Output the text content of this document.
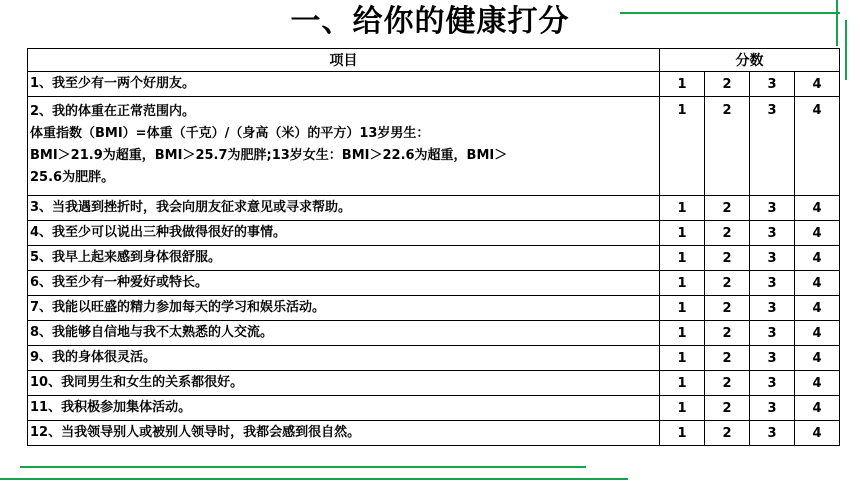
一、给你的健康打分
项目	分数			

1、我至少有一两个好朋友。	1	2	3	4

2、我的体重在正常范围内。
体重指数（BMI）=体重（千克）/（身高（米）的平方）13岁男生：
BMI＞21.9为超重，BMI＞25.7为肥胖;13岁女生：BMI＞22.6为超重，BMI＞
25.6为肥胖。	1	2	3	4

3、当我遇到挫折时，我会向朋友征求意见或寻求帮助。	1	2	3	4

4、我至少可以说出三种我做得很好的事情。	1	2	3	4

5、我早上起来感到身体很舒服。	1	2	3	4

6、我至少有一种爱好或特长。	1	2	3	4

7、我能以旺盛的精力参加每天的学习和娱乐活动。	1	2	3	4

8、我能够自信地与我不太熟悉的人交流。	1	2	3	4

9、我的身体很灵活。	1	2	3	4

10、我同男生和女生的关系都很好。	1	2	3	4

11、我积极参加集体活动。	1	2	3	4

12、当我领导别人或被别人领导时，我都会感到很自然。	1	2	3	4
